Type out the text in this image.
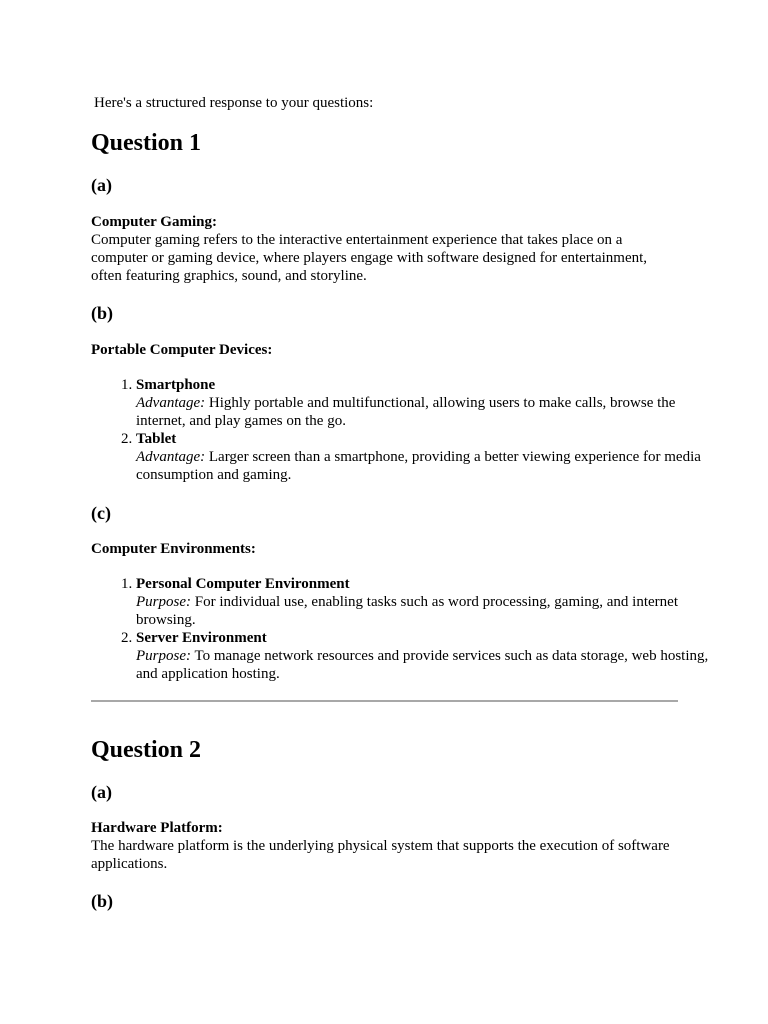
Here's a structured response to your questions:

Question 1
(a)
Computer Gaming:
Computer gaming refers to the interactive entertainment experience that takes place on a computer or gaming device, where players engage with software designed for entertainment, often featuring graphics, sound, and storyline.
(b)
Portable Computer Devices:
1. Smartphone
Advantage: Highly portable and multifunctional, allowing users to make calls, browse the internet, and play games on the go.
2. Tablet
Advantage: Larger screen than a smartphone, providing a better viewing experience for media consumption and gaming.
(c)
Computer Environments:
1. Personal Computer Environment
Purpose: For individual use, enabling tasks such as word processing, gaming, and internet browsing.
2. Server Environment
Purpose: To manage network resources and provide services such as data storage, web hosting, and application hosting.
Question 2
(a)
Hardware Platform:
The hardware platform is the underlying physical system that supports the execution of software applications.
(b)
